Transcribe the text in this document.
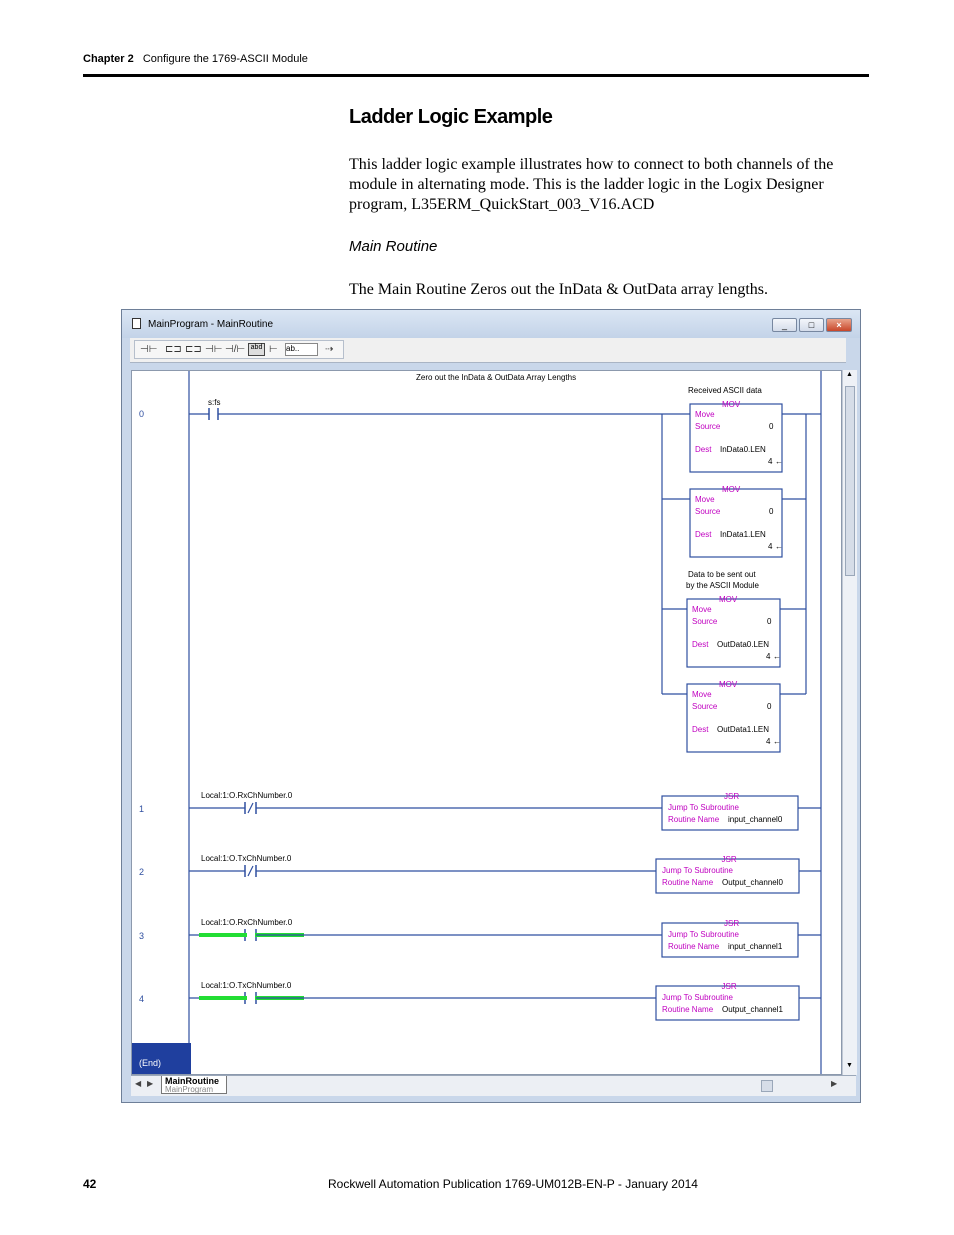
Chapter 2 Configure the 1769-ASCII Module
Ladder Logic Example
This ladder logic example illustrates how to connect to both channels of the
module in alternating mode. This is the ladder logic in the Logix Designer
program, L35ERM_QuickStart_003_V16.ACD
Main Routine
The Main Routine Zeros out the InData & OutData array lengths.
MainProgram - MainRoutine	_	□	×
⊣⊢ ⊏⊐ ⊏⊐ ⊣⊢ ⊣/⊢ abd ⊢ ab..	⇢
(End)
0
1
2
3
4
Zero out the InData & OutData Array Lengths
s:fs
Received ASCII data
Data to be sent out
by the ASCII Module
MOV
Move
Source	0
Dest InData0.LEN
4 ←
MOV
Move
Source	0
Dest InData1.LEN
4 ←
MOV
Move
Source	0
Dest OutData0.LEN
4 ←
MOV
Move
Source	0
Dest OutData1.LEN
4 ←
Local:1:O.RxChNumber.0	JSR
Jump To Subroutine
Routine Name input_channel0
Local:1:O.TxChNumber.0	JSR
Jump To Subroutine
Routine Name Output_channel0
Local:1:O.RxChNumber.0	JSR
Jump To Subroutine
Routine Name input_channel1
Local:1:O.TxChNumber.0	JSR
Jump To Subroutine
Routine Name Output_channel1
▲
▼
◀ ▶ MainRoutine
MainProgram
▶
42	Rockwell Automation Publication 1769-UM012B-EN-P - January 2014
